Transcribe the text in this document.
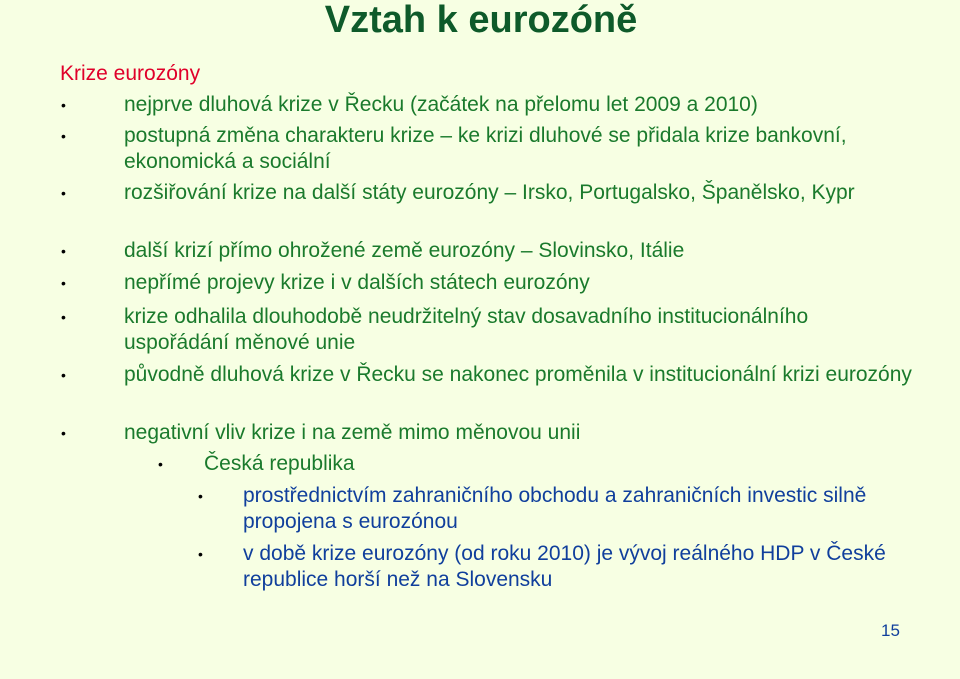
Vztah k eurozóně
Krize eurozóny
•	nejprve dluhová krize v Řecku (začátek na přelomu let 2009 a 2010)
•	postupná změna charakteru krize – ke krizi dluhové se přidala krize bankovní, ekonomická a sociální
•	rozšiřování krize na další státy eurozóny – Irsko, Portugalsko, Španělsko, Kypr
•	další krizí přímo ohrožené země eurozóny – Slovinsko, Itálie
•	nepřímé projevy krize i v dalších státech eurozóny
•	krize odhalila dlouhodobě neudržitelný stav dosavadního institucionálního uspořádání měnové unie
•	původně dluhová krize v Řecku se nakonec proměnila v institucionální krizi eurozóny
•	negativní vliv krize i na země mimo měnovou unii
• Česká republika
• prostřednictvím zahraničního obchodu a zahraničních investic silně propojena s eurozónou
• v době krize eurozóny (od roku 2010) je vývoj reálného HDP v České republice horší než na Slovensku
15
